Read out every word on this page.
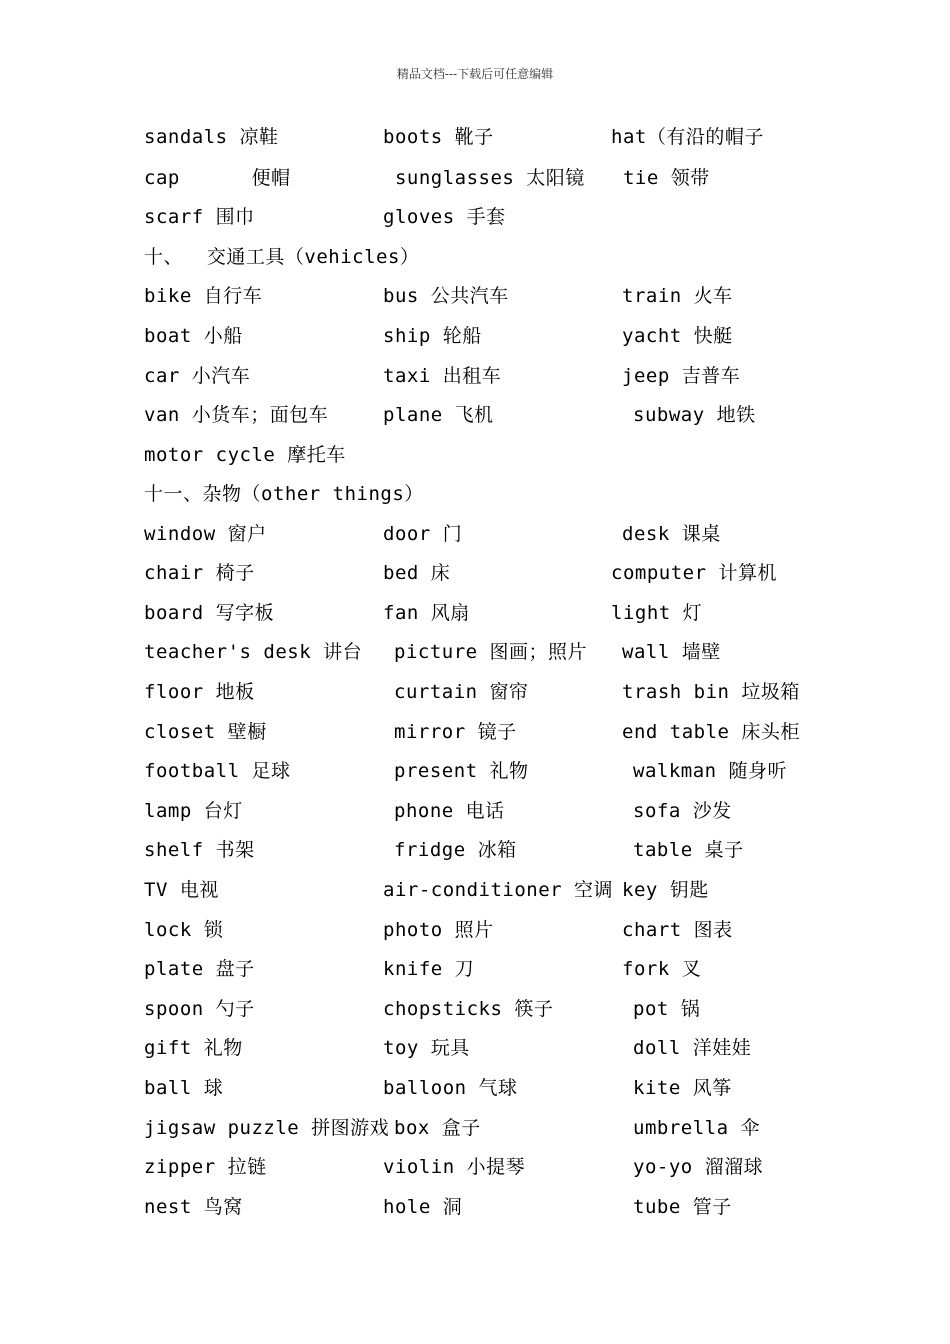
精品文档---下载后可任意编辑
sandals 凉鞋	boots 靴子	hat（有沿的帽子
cap      便帽	sunglasses 太阳镜 tie 领带
scarf 围巾	gloves 手套
十、  交通工具（vehicles）
bike 自行车	bus 公共汽车	train 火车
boat 小船	ship 轮船	yacht 快艇
car 小汽车	taxi 出租车	jeep 吉普车
van 小货车；面包车	plane 飞机	subway 地铁
motor cycle 摩托车
十一、杂物（other things）
window 窗户	door 门	desk 课桌
chair 椅子	bed 床	computer 计算机
board 写字板	fan 风扇	light 灯
teacher's desk 讲台 picture 图画；照片 wall 墙壁
floor 地板	curtain 窗帘	trash bin 垃圾箱
closet 壁橱	mirror 镜子	end table 床头柜
football 足球	present 礼物	walkman 随身听
lamp 台灯	phone 电话	sofa 沙发
shelf 书架	fridge 冰箱	table 桌子
TV 电视	air-conditioner 空调 key 钥匙
lock 锁	photo 照片	chart 图表
plate 盘子	knife 刀	fork 叉
spoon 勺子	chopsticks 筷子	pot 锅
gift 礼物	toy 玩具	doll 洋娃娃
ball 球	balloon 气球	kite 风筝
jigsaw puzzle 拼图游戏 box 盒子	umbrella 伞
zipper 拉链	violin 小提琴	yo-yo 溜溜球
nest 鸟窝	hole 洞	tube 管子
